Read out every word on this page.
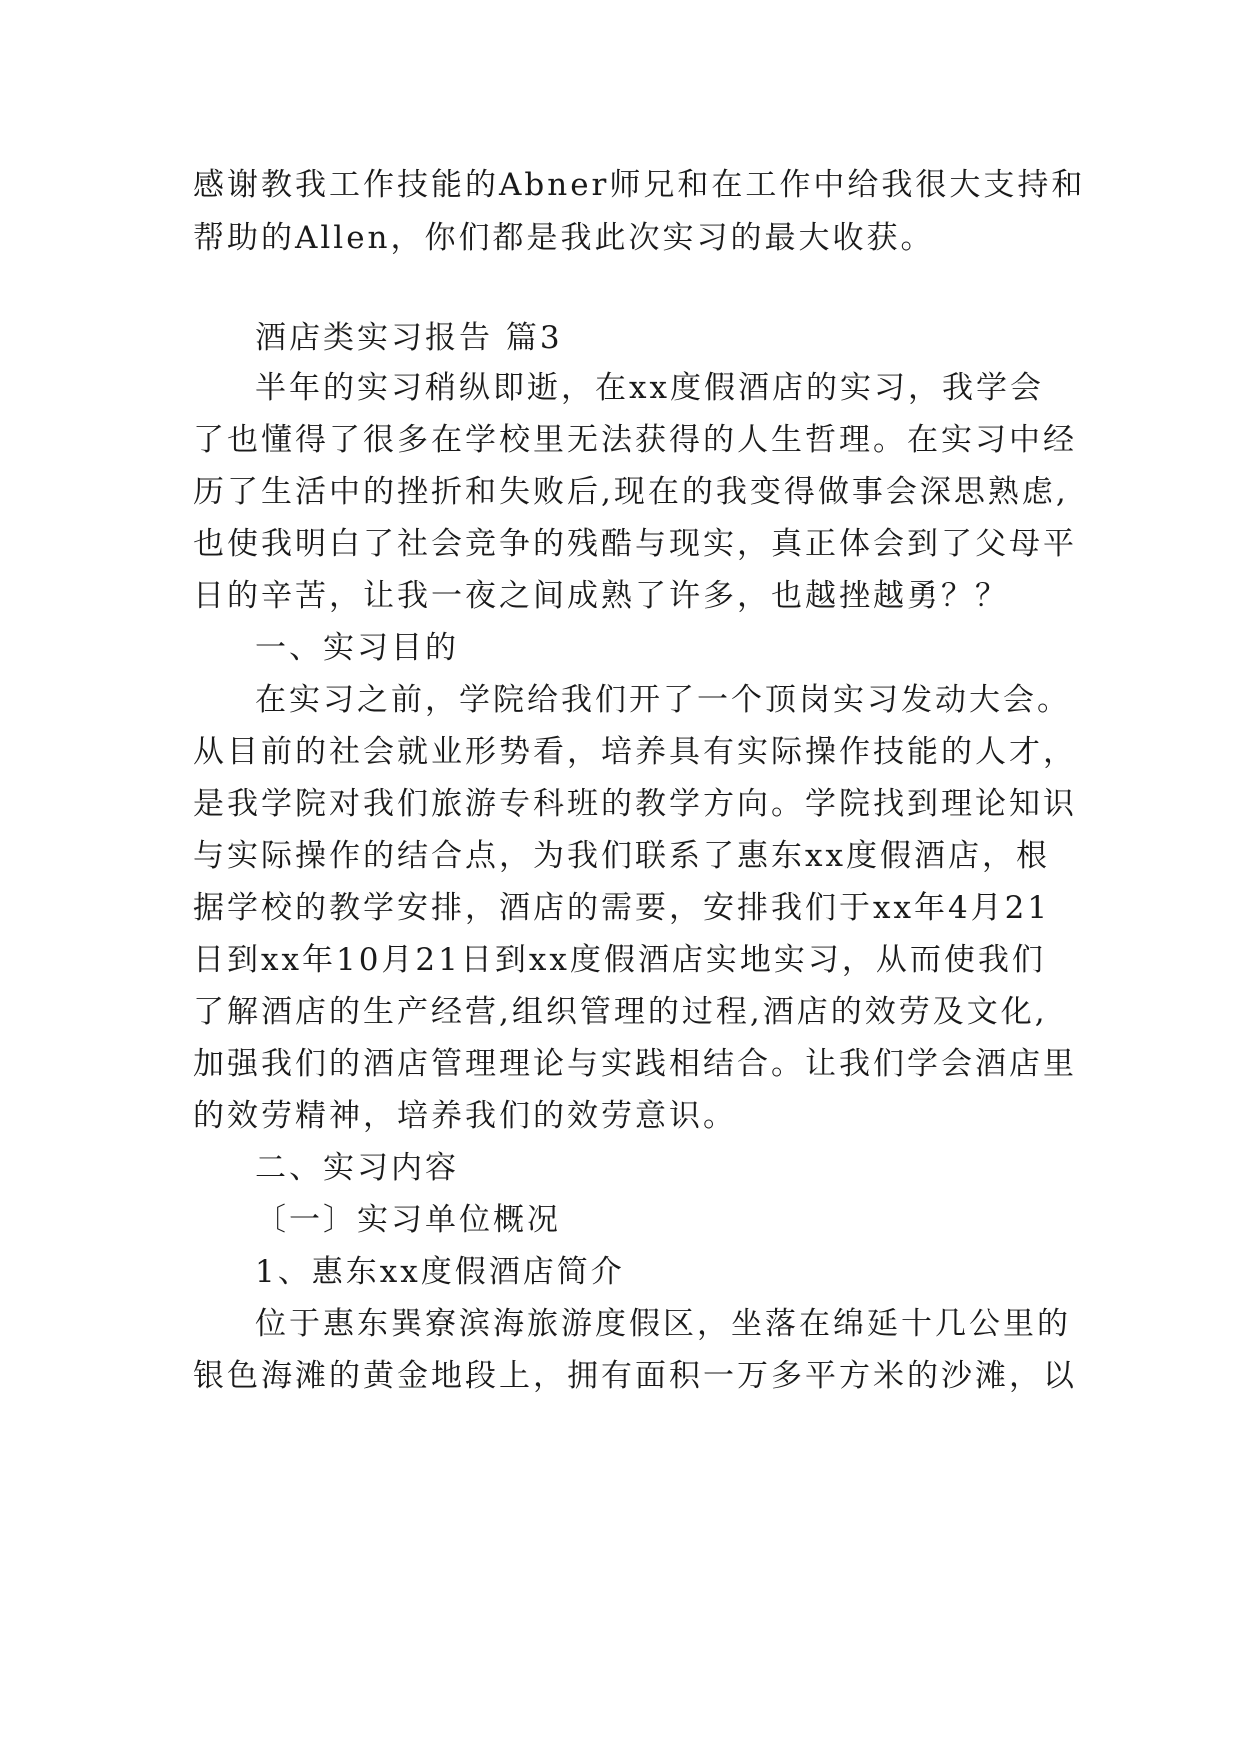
感谢教我工作技能的Abner师兄和在工作中给我很大支持和
帮助的Allen，你们都是我此次实习的最大收获。
酒店类实习报告 篇3
半年的实习稍纵即逝，在xx度假酒店的实习，我学会
了也懂得了很多在学校里无法获得的人生哲理。在实习中经
历了生活中的挫折和失败后,现在的我变得做事会深思熟虑,
也使我明白了社会竞争的残酷与现实，真正体会到了父母平
日的辛苦，让我一夜之间成熟了许多，也越挫越勇？？
一、实习目的
在实习之前，学院给我们开了一个顶岗实习发动大会。
从目前的社会就业形势看，培养具有实际操作技能的人才，
是我学院对我们旅游专科班的教学方向。学院找到理论知识
与实际操作的结合点，为我们联系了惠东xx度假酒店，根
据学校的教学安排，酒店的需要，安排我们于xx年4月21
日到xx年10月21日到xx度假酒店实地实习，从而使我们
了解酒店的生产经营,组织管理的过程,酒店的效劳及文化,
加强我们的酒店管理理论与实践相结合。让我们学会酒店里
的效劳精神，培养我们的效劳意识。
二、实习内容
〔一〕实习单位概况
1、惠东xx度假酒店简介
位于惠东巽寮滨海旅游度假区，坐落在绵延十几公里的
银色海滩的黄金地段上，拥有面积一万多平方米的沙滩，以
